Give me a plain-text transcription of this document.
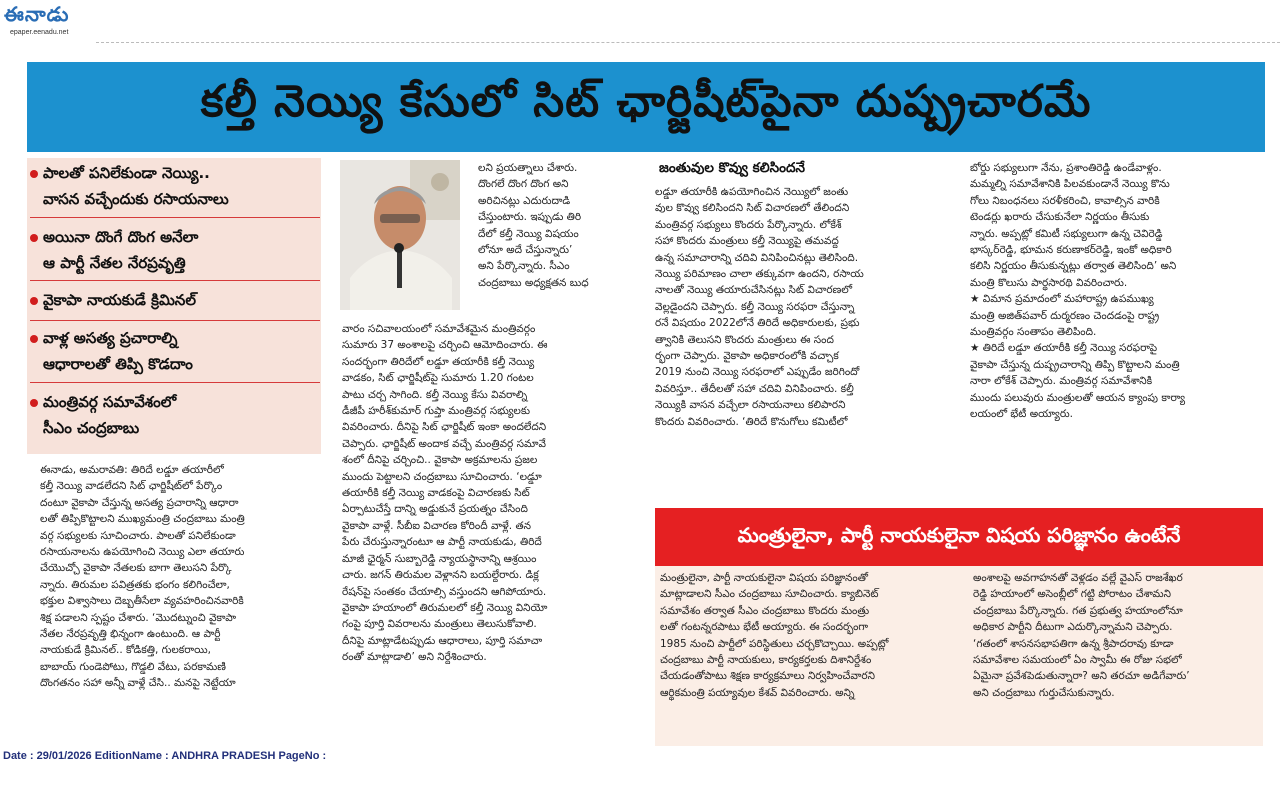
ఈనాడు
epaper.eenadu.net
కల్తీ నెయ్యి కేసులో సిట్ ఛార్జిషీట్‌పైనా దుష్ప్రచారమే

ఈనాడు, అమరావతి: తిరిదే లడ్డూ తయారీలో

కల్తీ నెయ్యి వాడలేదని సిట్ ఛార్జిషీట్‌లో పేర్కొం

దంటూ వైకాపా చేస్తున్న అసత్య ప్రచారాన్ని ఆధారా

లతో తిప్పికొట్టాలని ముఖ్యమంత్రి చంద్రబాబు మంత్రి

వర్గ సభ్యులకు సూచించారు. పాలతో పనిలేకుండా

రసాయనాలను ఉపయోగించి నెయ్యి ఎలా తయారు

చేయొచ్చో వైకాపా నేతలకు బాగా తెలుసని పేర్కొ

న్నారు. తిరుమల పవిత్రతకు భంగం కలిగించేలా,

భక్తుల విశ్వాసాలు దెబ్బతీసేలా వ్యవహరించినవారికి

శిక్ష పడాలని స్పష్టం చేశారు. ‘మొదట్నుంచి వైకాపా

నేతల నేరప్రవృత్తి భిన్నంగా ఉంటుంది. ఆ పార్టీ

నాయకుడే క్రిమినల్.. కోడికత్తి, గులకరాయి,

బాబాయ్ గుండెపోటు, గొడ్డలి వేటు, పరకామణి

దొంగతనం సహా అన్నీ వాళ్లే చేసి.. మనపై నెట్టేయా

లని ప్రయత్నాలు చేశారు.

దొంగలే దొంగ దొంగ అని

అరిచినట్లు ఎదురుదాడి

చేస్తుంటారు. ఇప్పుడు తిరి

దేలో కల్తీ నెయ్యి విషయం

లోనూ అదే చేస్తున్నారు’

అని పేర్కొన్నారు. సీఎం

చంద్రబాబు అధ్యక్షతన బుధ

వారం సచివాలయంలో సమావేశమైన మంత్రివర్గం

సుమారు 37 అంశాలపై చర్చించి ఆమోదించారు. ఈ

సందర్భంగా తిరిదేలో లడ్డూ తయారీకి కల్తీ నెయ్యి

వాడకం, సిట్ ఛార్జిషీట్‌పై సుమారు 1.20 గంటల

పాటు చర్చ సాగింది. కల్తీ నెయ్యి కేసు వివరాల్ని

డీజీపీ హరీశ్‌కుమార్ గుప్తా మంత్రివర్గ సభ్యులకు

వివరించారు. దీనిపై సిట్ ఛార్జిషీట్ ఇంకా అందలేదని

చెప్పారు. ఛార్జిషీట్ అందాక వచ్చే మంత్రివర్గ సమావే

శంలో దీనిపై చర్చించి.. వైకాపా అక్రమాలను ప్రజల

ముందు పెట్టాలని చంద్రబాబు సూచించారు. ‘లడ్డూ

తయారీకి కల్తీ నెయ్యి వాడకంపై విచారణకు సిట్

ఏర్పాటుచేస్తే దాన్ని అడ్డుకునే ప్రయత్నం చేసింది

వైకాపా వాళ్లే. సీబీఐ విచారణ కోరిందీ వాళ్లే. తన

పేరు చేరుస్తున్నారంటూ ఆ పార్టీ నాయకుడు, తిరిదే

మాజీ ఛైర్మన్ సుబ్బారెడ్డి న్యాయస్థానాన్ని ఆశ్రయిం

చారు. జగన్ తిరుమల వెళ్లానని బయల్దేరారు. డిక్ల

రేషన్‌పై సంతకం చేయాల్సి వస్తుందని ఆగిపోయారు.

వైకాపా హయాంలో తిరుమలలో కల్తీ నెయ్యి వినియో

గంపై పూర్తి వివరాలను మంత్రులు తెలుసుకోవాలి.

దీనిపై మాట్లాడేటప్పుడు ఆధారాలు, పూర్తి సమాచా

రంతో మాట్లాడాలి’ అని నిర్దేశించారు.

జంతువుల కొవ్వు కలిసిందనే

లడ్డూ తయారీకి ఉపయోగించిన నెయ్యిలో జంతు

వుల కొవ్వు కలిసిందని సిట్ విచారణలో తేలిందని

మంత్రివర్గ సభ్యులు కొందరు పేర్కొన్నారు. లోకేశ్

సహా కొందరు మంత్రులు కల్తీ నెయ్యిపై తమవద్ద

ఉన్న సమాచారాన్ని చదివి వినిపించినట్లు తెలిసింది.

నెయ్యి పరిమాణం చాలా తక్కువగా ఉందని, రసాయ

నాలతో నెయ్యి తయారుచేసినట్లు సిట్ విచారణలో

వెల్లడైందని చెప్పారు. కల్తీ నెయ్యి సరఫరా చేస్తున్నా

రనే విషయం 2022లోనే తిరిదే అధికారులకు, ప్రభు

త్వానికి తెలుసని కొందరు మంత్రులు ఈ సంద

ర్భంగా చెప్పారు. వైకాపా అధికారంలోకి వచ్చాక

2019 నుంచి నెయ్యి సరఫరాలో ఎప్పుడేం జరిగిందో

వివరిస్తూ.. తేదీలతో సహా చదివి వినిపించారు. కల్తీ

నెయ్యికి వాసన వచ్చేలా రసాయనాలు కలిపారని

కొందరు వివరించారు. ‘తిరిదే కొనుగోలు కమిటీలో

బోర్డు సభ్యులుగా నేను, ప్రశాంతిరెడ్డి ఉండేవాళ్లం.

మమ్మల్ని సమావేశానికి పిలవకుండానే నెయ్యి కొను

గోలు నిబంధనలు సరళీకరించి, కావాల్సిన వారికి

టెండర్లు ఖరారు చేసుకునేలా నిర్ణయం తీసుకు

న్నారు. అప్పట్లో కమిటీ సభ్యులుగా ఉన్న చెవిరెడ్డి

భాస్కర్‌రెడ్డి, భూమన కరుణాకర్‌రెడ్డి, ఇంకో అధికారి

కలిసి నిర్ణయం తీసుకున్నట్లు తర్వాత తెలిసింది’ అని

మంత్రి కొలుసు పార్థసారథి వివరించారు.

★ విమాన ప్రమాదంలో మహారాష్ట్ర ఉపముఖ్య

మంత్రి అజిత్‌పవార్ దుర్మరణం చెందడంపై రాష్ట్ర

మంత్రివర్గం సంతాపం తెలిపింది.

★ తిరిదే లడ్డూ తయారీకి కల్తీ నెయ్యి సరఫరాపై

వైకాపా చేస్తున్న దుష్ప్రచారాన్ని తిప్పి కొట్టాలని మంత్రి

నారా లోకేశ్ చెప్పారు. మంత్రివర్గ సమావేశానికి

ముందు పలువురు మంత్రులతో ఆయన క్యాంపు కార్యా

లయంలో భేటీ అయ్యారు.

మంత్రులైనా, పార్టీ నాయకులైనా విషయ పరిజ్ఞానం ఉంటేనే

మంత్రులైనా, పార్టీ నాయకులైనా విషయ పరిజ్ఞానంతో

మాట్లాడాలని సీఎం చంద్రబాబు సూచించారు. క్యాబినెట్

సమావేశం తర్వాత సీఎం చంద్రబాబు కొందరు మంత్రు

లతో గంటన్నరపాటు భేటీ అయ్యారు. ఈ సందర్భంగా

1985 నుంచి పార్టీలో పరిస్థితులు చర్చకొచ్చాయి. అప్పట్లో

చంద్రబాబు పార్టీ నాయకులు, కార్యకర్తలకు దిశానిర్దేశం

చేయడంతోపాటు శిక్షణ కార్యక్రమాలు నిర్వహించేవారని

ఆర్థికమంత్రి పయ్యావుల కేశవ్ వివరించారు. అన్ని

అంశాలపై అవగాహనతో వెళ్లడం వల్లే వైఎస్ రాజశేఖర

రెడ్డి హయాంలో అసెంబ్లీలో గట్టి పోరాటం చేశామని

చంద్రబాబు పేర్కొన్నారు. గత ప్రభుత్వ హయాంలోనూ

అధికార పార్టీని దీటుగా ఎదుర్కొన్నామని చెప్పారు.

‘గతంలో శాసనసభాపతిగా ఉన్న శ్రీపాదరావు కూడా

సమావేశాల సమయంలో ఏం స్వామీ ఈ రోజు సభలో

ఏమైనా ప్రవేశపెడుతున్నారా? అని తరచూ అడిగేవారు’

అని చంద్రబాబు గుర్తుచేసుకున్నారు.

Date : 29/01/2026 EditionName : ANDHRA PRADESH PageNo :
పాలతో పనిలేకుండా నెయ్యి..
వాసన వచ్చేందుకు రసాయనాలు
అయినా దొంగే దొంగ అనేలా
ఆ పార్టీ నేతల నేరప్రవృత్తి
వైకాపా నాయకుడే క్రిమినల్
వాళ్ల అసత్య ప్రచారాల్ని
ఆధారాలతో తిప్పి కొడదాం
మంత్రివర్గ సమావేశంలో
సీఎం చంద్రబాబు
